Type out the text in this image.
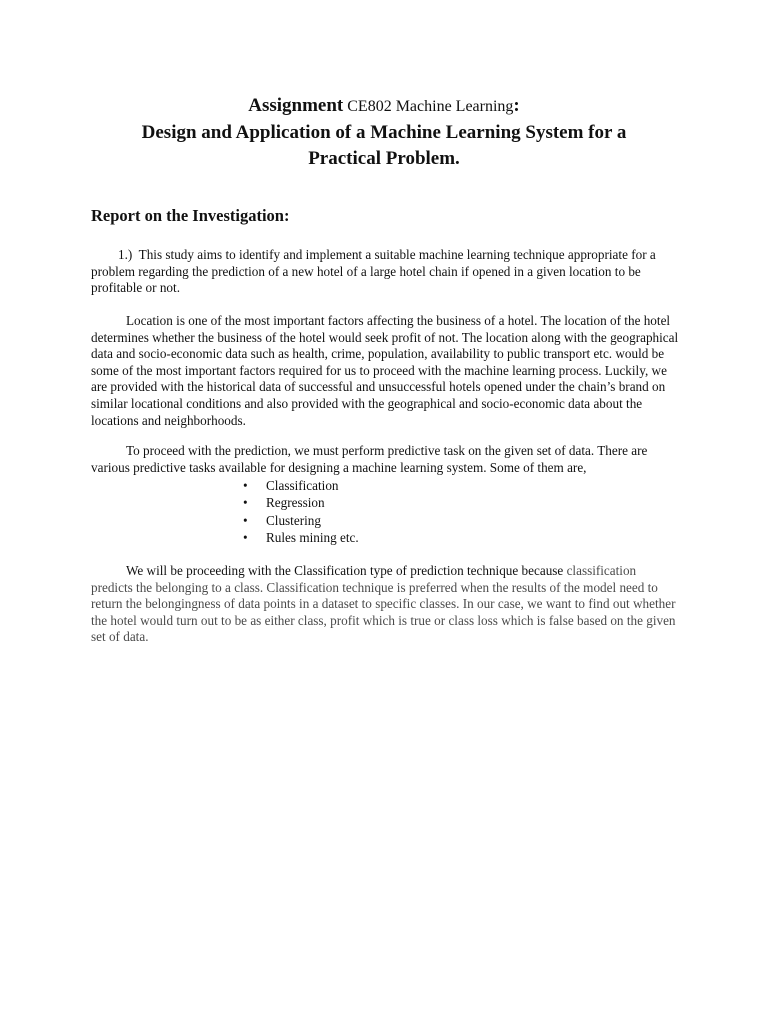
Assignment CE802 Machine Learning:
Design and Application of a Machine Learning System for a
Practical Problem.
Report on the Investigation:
1.) This study aims to identify and implement a suitable machine learning technique appropriate for a problem regarding the prediction of a new hotel of a large hotel chain if opened in a given location to be profitable or not.
Location is one of the most important factors affecting the business of a hotel. The location of the hotel determines whether the business of the hotel would seek profit of not. The location along with the geographical data and socio-economic data such as health, crime, population, availability to public transport etc. would be some of the most important factors required for us to proceed with the machine learning process. Luckily, we are provided with the historical data of successful and unsuccessful hotels opened under the chain’s brand on similar locational conditions and also provided with the geographical and socio-economic data about the locations and neighborhoods.
To proceed with the prediction, we must perform predictive task on the given set of data. There are various predictive tasks available for designing a machine learning system. Some of them are,
• Classification
• Regression
• Clustering
• Rules mining etc.
We will be proceeding with the Classification type of prediction technique because classification predicts the belonging to a class. Classification technique is preferred when the results of the model need to return the belongingness of data points in a dataset to specific classes. In our case, we want to find out whether the hotel would turn out to be as either class, profit which is true or class loss which is false based on the given set of data.
